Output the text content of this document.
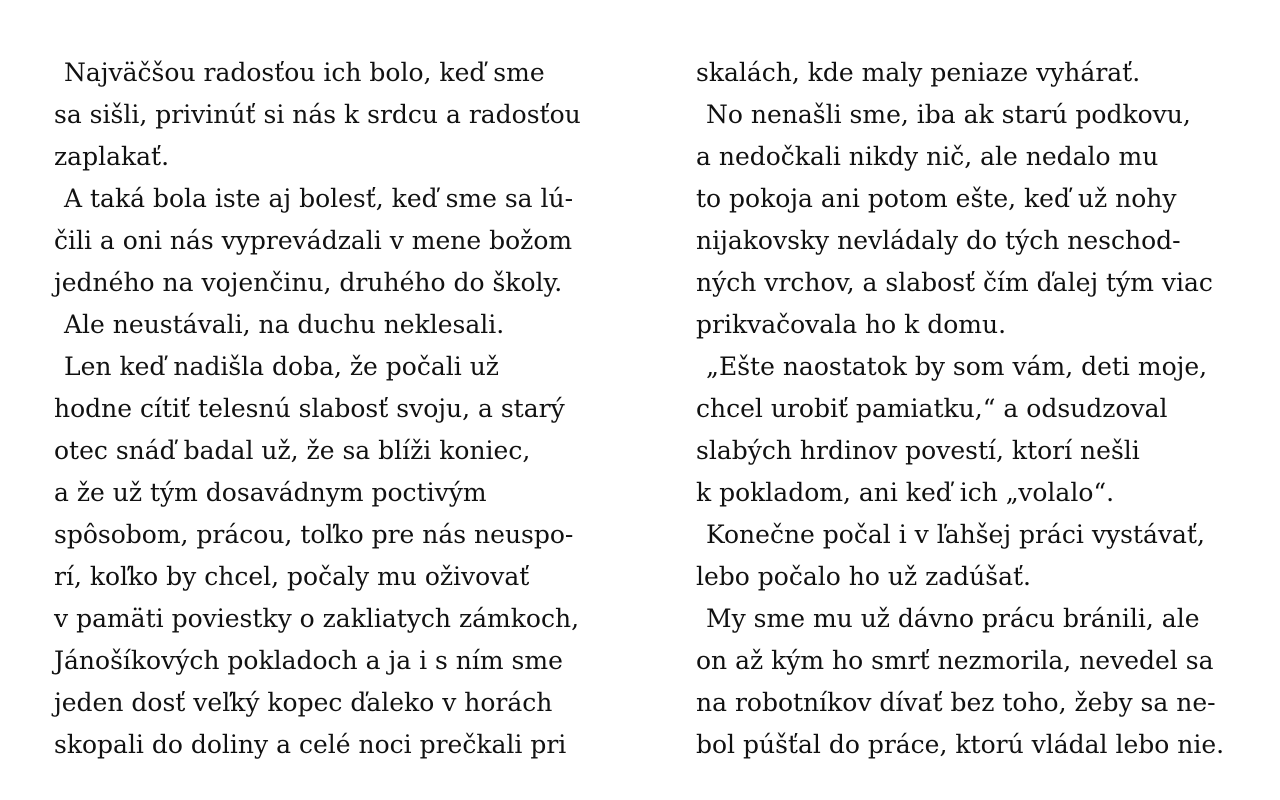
Najväčšou radosťou ich bolo, keď sme
sa sišli, privinúť si nás k srdcu a radosťou
zaplakať.
A taká bola iste aj bolesť, keď sme sa lú-
čili a oni nás vyprevádzali v mene božom
jedného na vojenčinu, druhého do školy.
Ale neustávali, na duchu neklesali.
Len keď nadišla doba, že počali už
hodne cítiť telesnú slabosť svoju, a starý
otec snáď badal už, že sa blíži koniec,
a že už tým dosavádnym poctivým
spôsobom, prácou, toľko pre nás neuspo-
rí, koľko by chcel, počaly mu oživovať
v pamäti poviestky o zakliatych zámkoch,
Jánošíkových pokladoch a ja i s ním sme
jeden dosť veľký kopec ďaleko v horách
skopali do doliny a celé noci prečkali pri
skalách, kde maly peniaze vyhárať.
No nenašli sme, iba ak starú podkovu,
a nedočkali nikdy nič, ale nedalo mu
to pokoja ani potom ešte, keď už nohy
nijakovsky nevládaly do tých neschod-
ných vrchov, a slabosť čím ďalej tým viac
prikvačovala ho k domu.
„Ešte naostatok by som vám, deti moje,
chcel urobiť pamiatku,“ a odsudzoval
slabých hrdinov povestí, ktorí nešli
k pokladom, ani keď ich „volalo“.
Konečne počal i v ľahšej práci vystávať,
lebo počalo ho už zadúšať.
My sme mu už dávno prácu bránili, ale
on až kým ho smrť nezmorila, nevedel sa
na robotníkov dívať bez toho, žeby sa ne-
bol púšťal do práce, ktorú vládal lebo nie.
